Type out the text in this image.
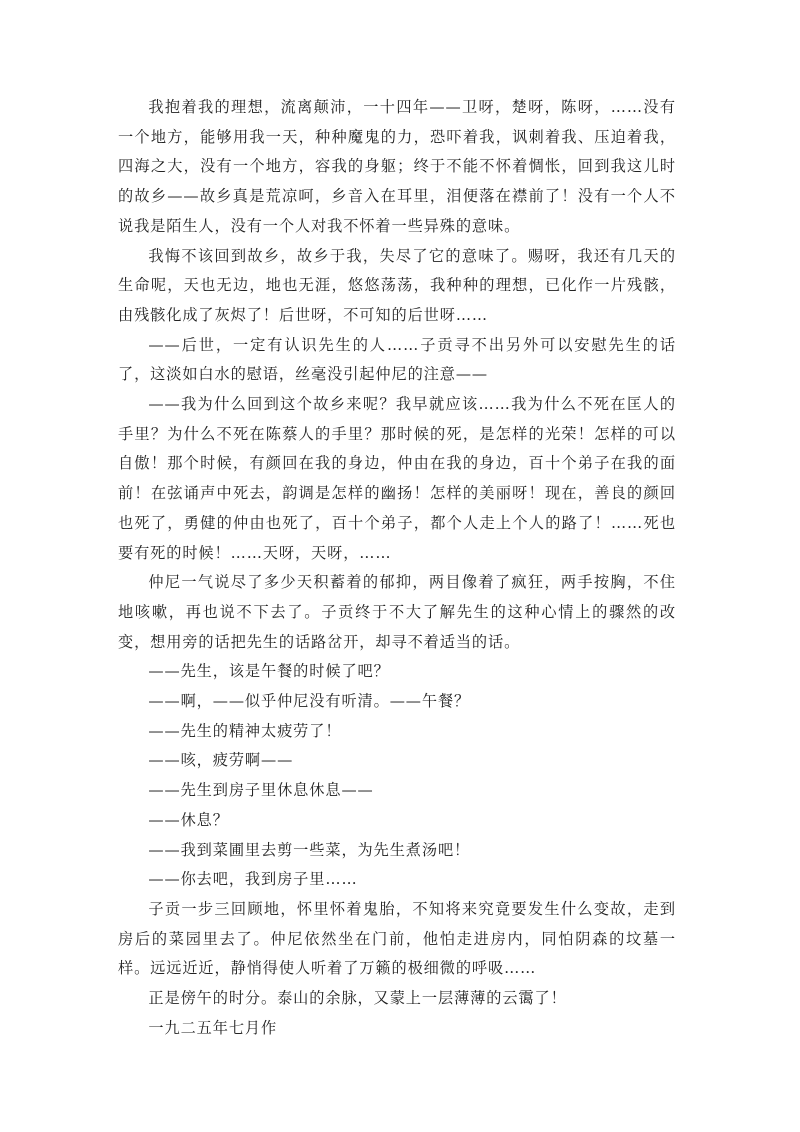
我抱着我的理想，流离颠沛，一十四年——卫呀，楚呀，陈呀，……没有一个地方，能够用我一天，种种魔鬼的力，恐吓着我，讽刺着我、压迫着我，四海之大，没有一个地方，容我的身躯；终于不能不怀着惆怅，回到我这儿时的故乡——故乡真是荒凉呵，乡音入在耳里，泪便落在襟前了！没有一个人不说我是陌生人，没有一个人对我不怀着一些异殊的意味。

我悔不该回到故乡，故乡于我，失尽了它的意味了。赐呀，我还有几天的生命呢，天也无边，地也无涯，悠悠荡荡，我种种的理想，已化作一片残骸，由残骸化成了灰烬了！后世呀，不可知的后世呀……

——后世，一定有认识先生的人……子贡寻不出另外可以安慰先生的话了，这淡如白水的慰语，丝毫没引起仲尼的注意——

——我为什么回到这个故乡来呢？我早就应该……我为什么不死在匡人的手里？为什么不死在陈蔡人的手里？那时候的死，是怎样的光荣！怎样的可以自傲！那个时候，有颜回在我的身边，仲由在我的身边，百十个弟子在我的面前！在弦诵声中死去，韵调是怎样的幽扬！怎样的美丽呀！现在，善良的颜回也死了，勇健的仲由也死了，百十个弟子，都个人走上个人的路了！……死也要有死的时候！……天呀，天呀，……

仲尼一气说尽了多少天积蓄着的郁抑，两目像着了疯狂，两手按胸，不住地咳嗽，再也说不下去了。子贡终于不大了解先生的这种心情上的骤然的改变，想用旁的话把先生的话路岔开，却寻不着适当的话。

——先生，该是午餐的时候了吧？

——啊，——似乎仲尼没有听清。——午餐？

——先生的精神太疲劳了！

——咳，疲劳啊——

——先生到房子里休息休息——

——休息？

——我到菜圃里去剪一些菜，为先生煮汤吧！

——你去吧，我到房子里……

子贡一步三回顾地，怀里怀着鬼胎，不知将来究竟要发生什么变故，走到房后的菜园里去了。仲尼依然坐在门前，他怕走进房内，同怕阴森的坟墓一样。远远近近，静悄得使人听着了万籁的极细微的呼吸……

正是傍午的时分。泰山的余脉，又蒙上一层薄薄的云霭了！

一九二五年七月作
